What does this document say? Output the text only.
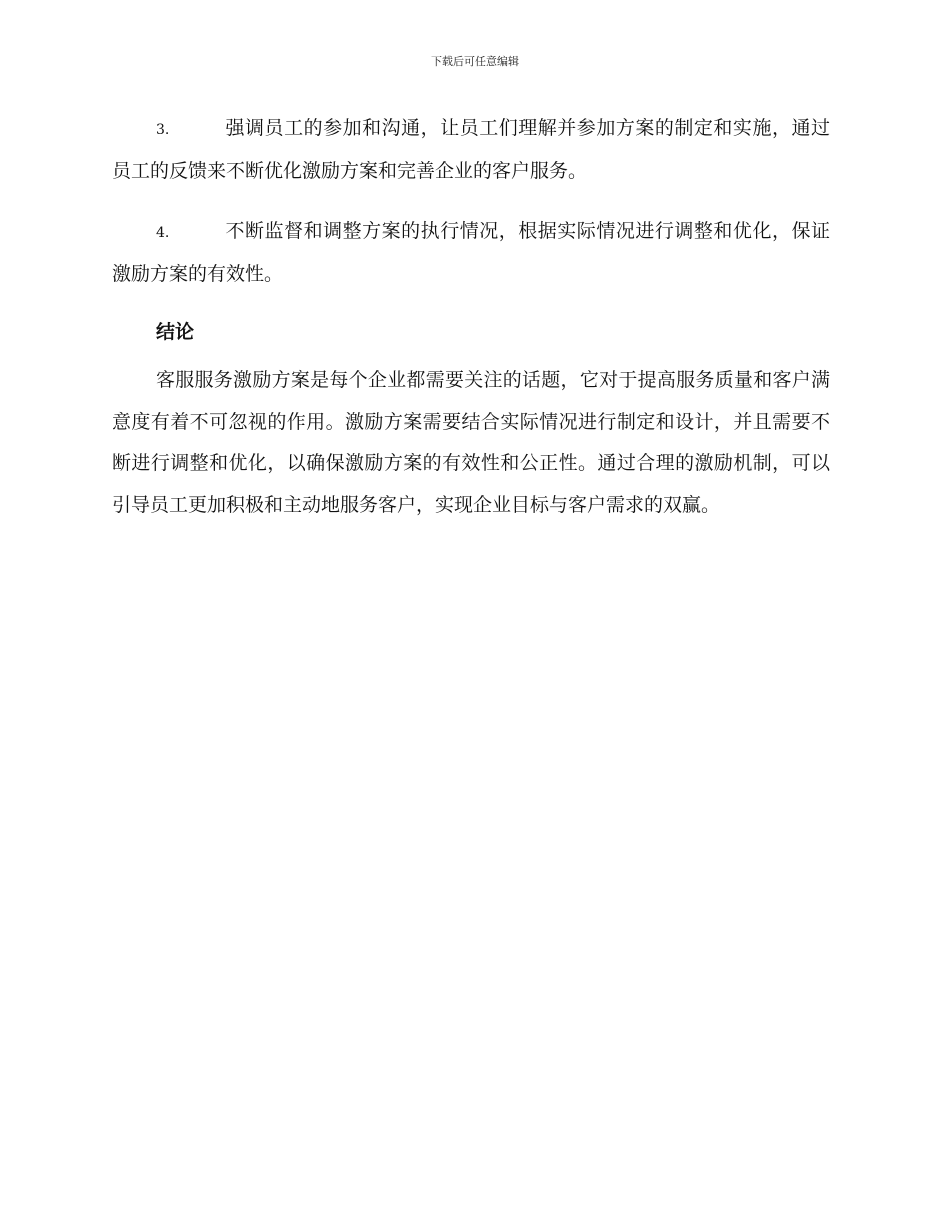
下载后可任意编辑

3.	强调员工的参加和沟通，让员工们理解并参加方案的制定和实施，通过员工的反馈来不断优化激励方案和完善企业的客户服务。

4.	不断监督和调整方案的执行情况，根据实际情况进行调整和优化，保证激励方案的有效性。

结论

客服服务激励方案是每个企业都需要关注的话题，它对于提高服务质量和客户满意度有着不可忽视的作用。激励方案需要结合实际情况进行制定和设计，并且需要不断进行调整和优化，以确保激励方案的有效性和公正性。通过合理的激励机制，可以引导员工更加积极和主动地服务客户，实现企业目标与客户需求的双赢。
